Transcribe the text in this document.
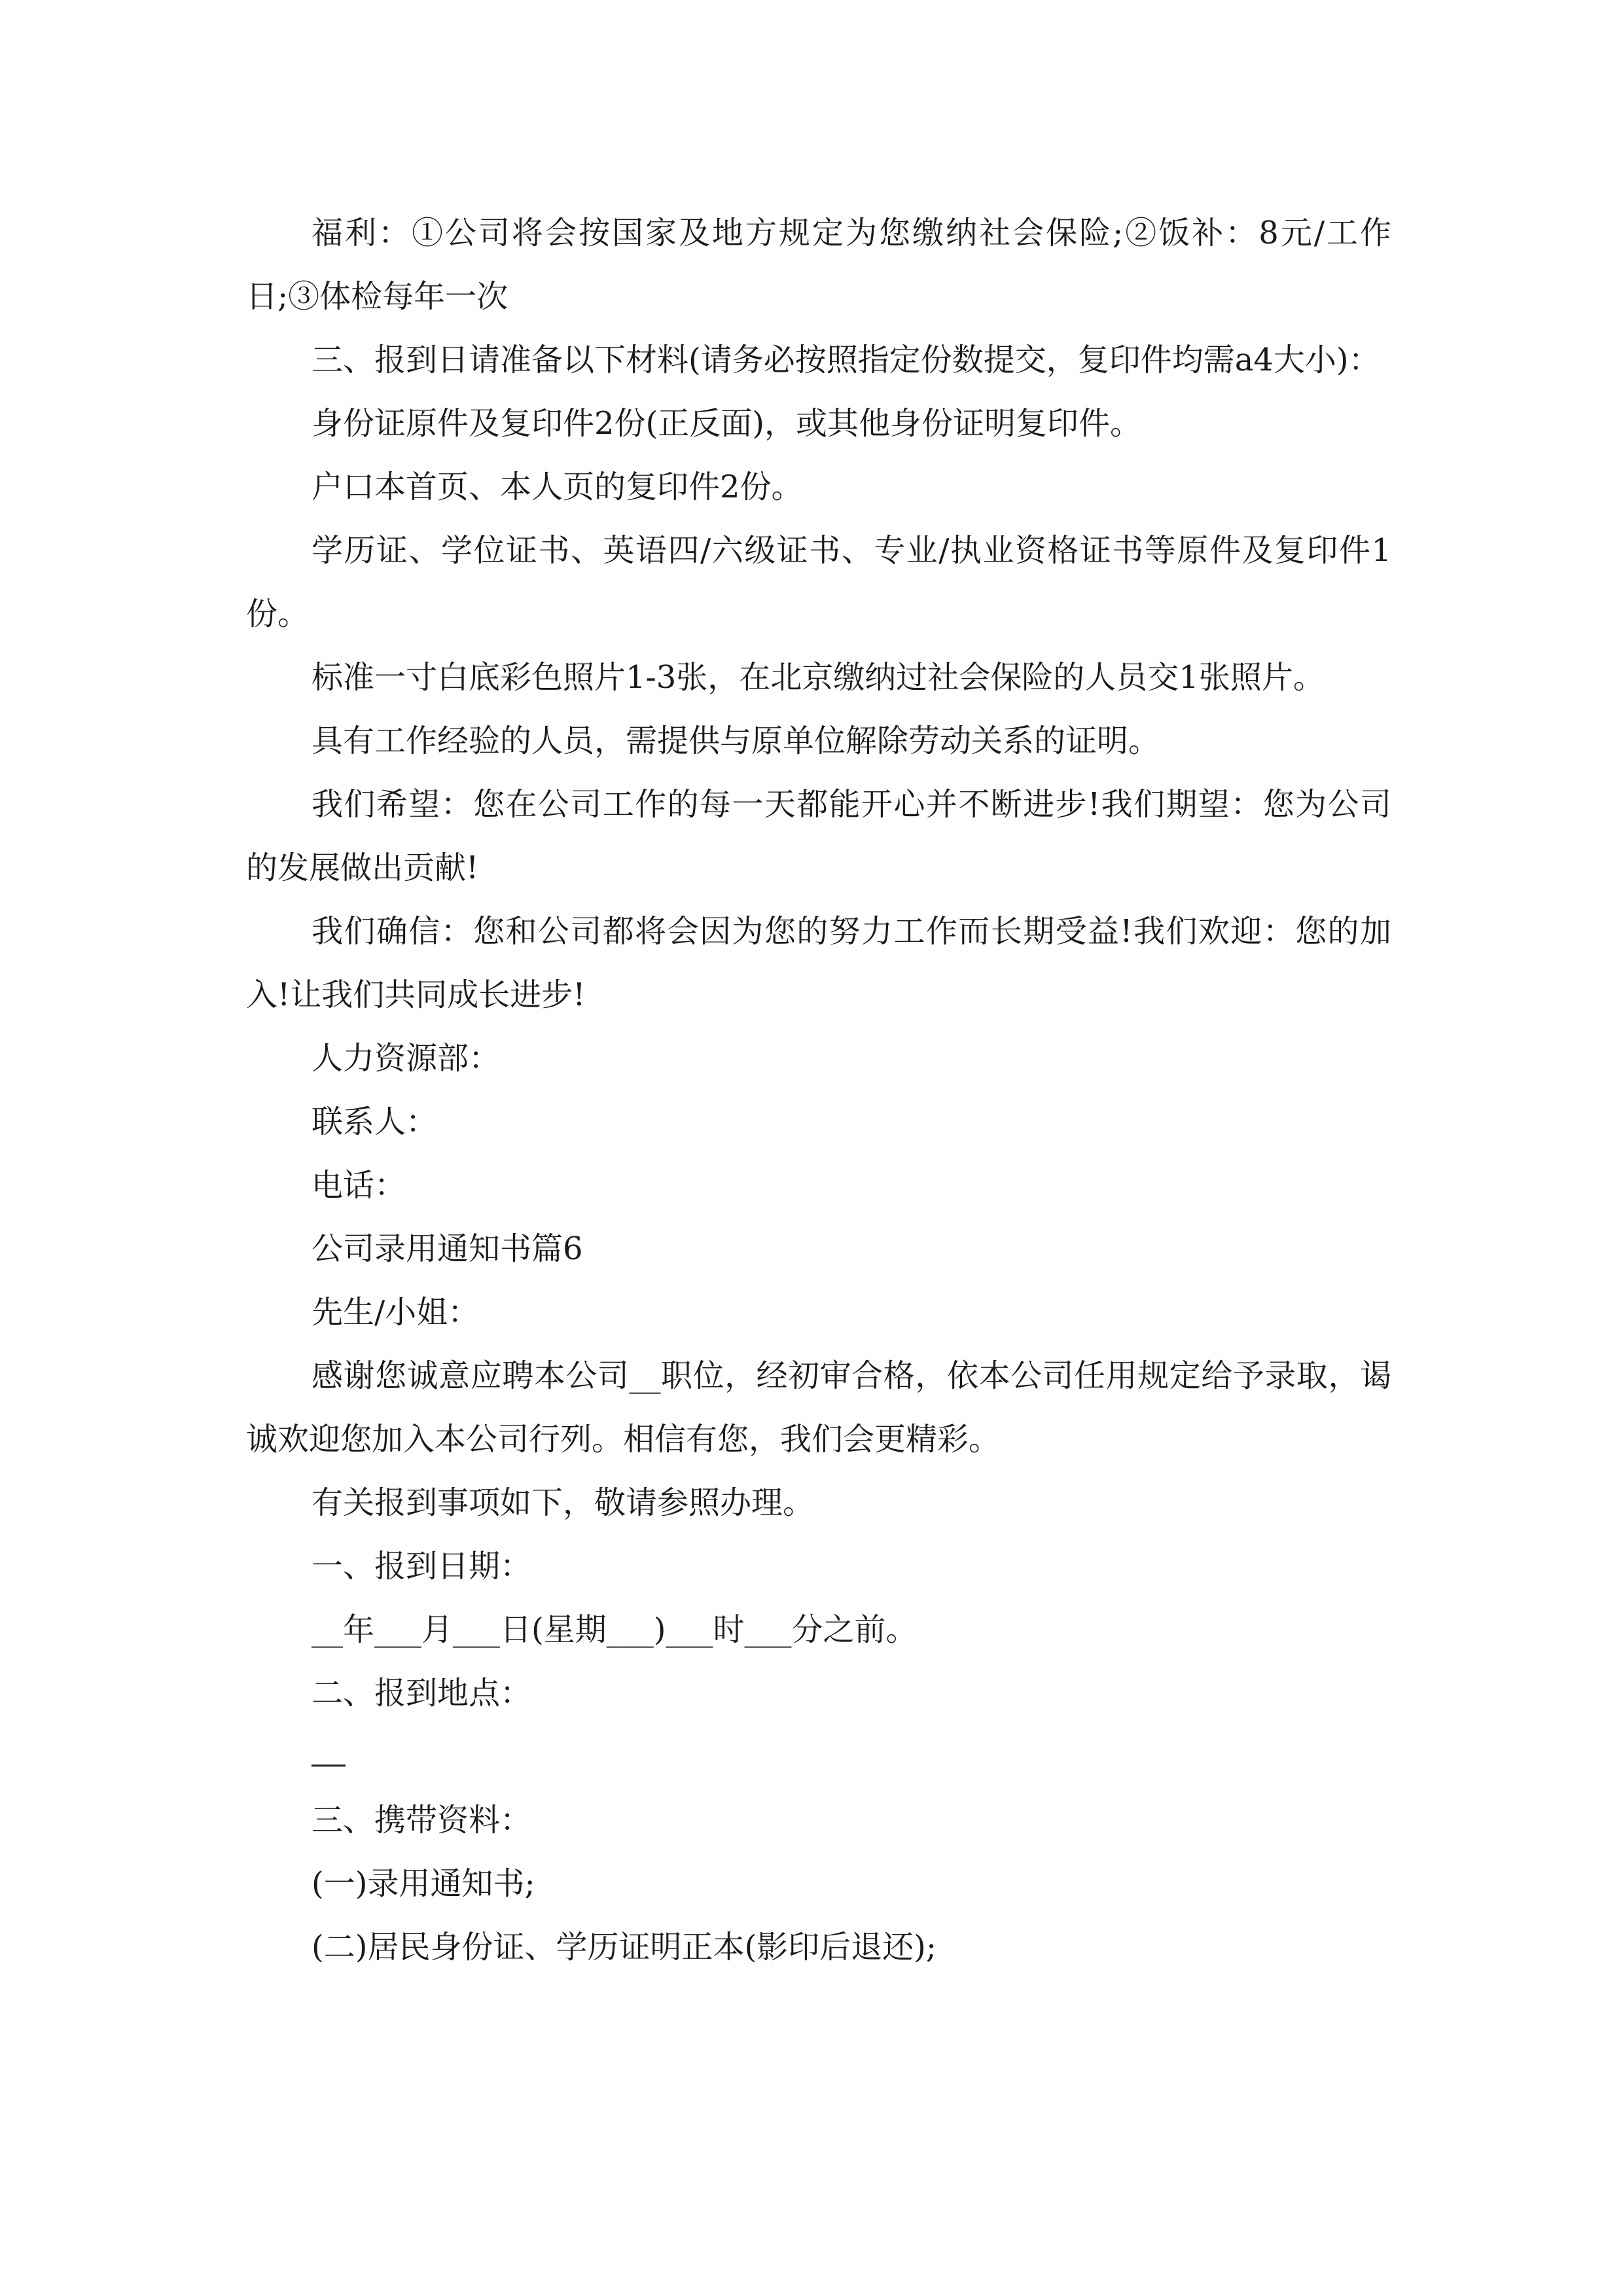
福利：①公司将会按国家及地方规定为您缴纳社会保险;②饭补：8元/工作日;③体检每年一次

三、报到日请准备以下材料(请务必按照指定份数提交，复印件均需a4大小)：

身份证原件及复印件2份(正反面)，或其他身份证明复印件。

户口本首页、本人页的复印件2份。

学历证、学位证书、英语四/六级证书、专业/执业资格证书等原件及复印件1份。

标准一寸白底彩色照片1-3张，在北京缴纳过社会保险的人员交1张照片。

具有工作经验的人员，需提供与原单位解除劳动关系的证明。

我们希望：您在公司工作的每一天都能开心并不断进步!我们期望：您为公司的发展做出贡献!

我们确信：您和公司都将会因为您的努力工作而长期受益!我们欢迎：您的加入!让我们共同成长进步!

人力资源部：

联系人：

电话：

公司录用通知书篇6

先生/小姐：

感谢您诚意应聘本公司__职位，经初审合格，依本公司任用规定给予录取，谒诚欢迎您加入本公司行列。相信有您，我们会更精彩。

有关报到事项如下，敬请参照办理。

一、报到日期：

__年___月___日(星期___)___时___分之前。

二、报到地点：

三、携带资料：

(一)录用通知书;

(二)居民身份证、学历证明正本(影印后退还);
